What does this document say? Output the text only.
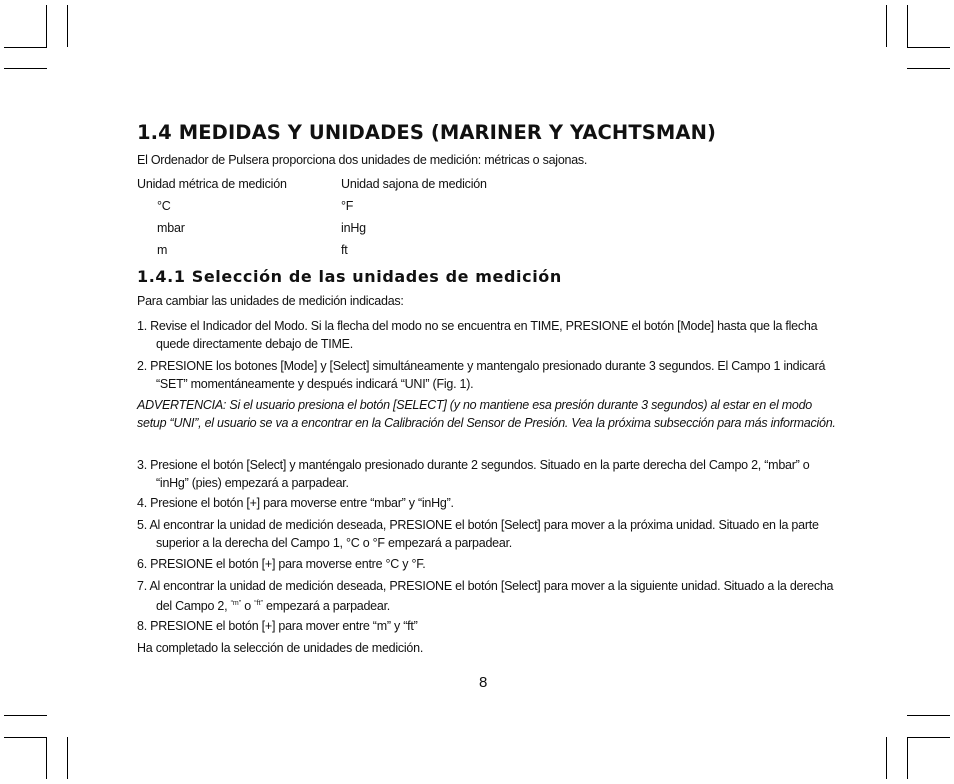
1.4 MEDIDAS Y UNIDADES (MARINER Y YACHTSMAN)

El Ordenador de Pulsera proporciona dos unidades de medición: métricas o sajonas.

Unidad métrica de medición	Unidad sajona de medición
°C	°F
mbar	inHg
m	ft
1.4.1 Selección de las unidades de medición

Para cambiar las unidades de medición indicadas:

1. Revise el Indicador del Modo. Si la flecha del modo no se encuentra en TIME, PRESIONE el botón [Mode] hasta que la flecha quede directamente debajo de TIME.

2. PRESIONE los botones [Mode] y [Select] simultáneamente y mantengalo presionado durante 3 segundos. El Campo 1 indicará “SET” momentáneamente y después indicará “UNI” (Fig. 1).

ADVERTENCIA: Si el usuario presiona el botón [SELECT] (y no mantiene esa presión durante 3 segundos) al estar en el modo setup “UNI”, el usuario se va a encontrar en la Calibración del Sensor de Presión. Vea la próxima subsección para más información.

3. Presione el botón [Select] y manténgalo presionado durante 2 segundos. Situado en la parte derecha del Campo 2, “mbar” o “inHg” (pies) empezará a parpadear.

4. Presione el botón [+] para moverse entre “mbar” y “inHg”.

5. Al encontrar la unidad de medición deseada, PRESIONE el botón [Select] para mover a la próxima unidad. Situado en la parte superior a la derecha del Campo 1, °C o °F empezará a parpadear.

6. PRESIONE el botón [+] para moverse entre °C y °F.

7. Al encontrar la unidad de medición deseada, PRESIONE el botón [Select] para mover a la siguiente unidad. Situado a la derecha del Campo 2, $^{“m”}$ o $^{“ft”}$ empezará a parpadear.

8. PRESIONE el botón [+] para mover entre “m” y “ft”

Ha completado la selección de unidades de medición.

8
